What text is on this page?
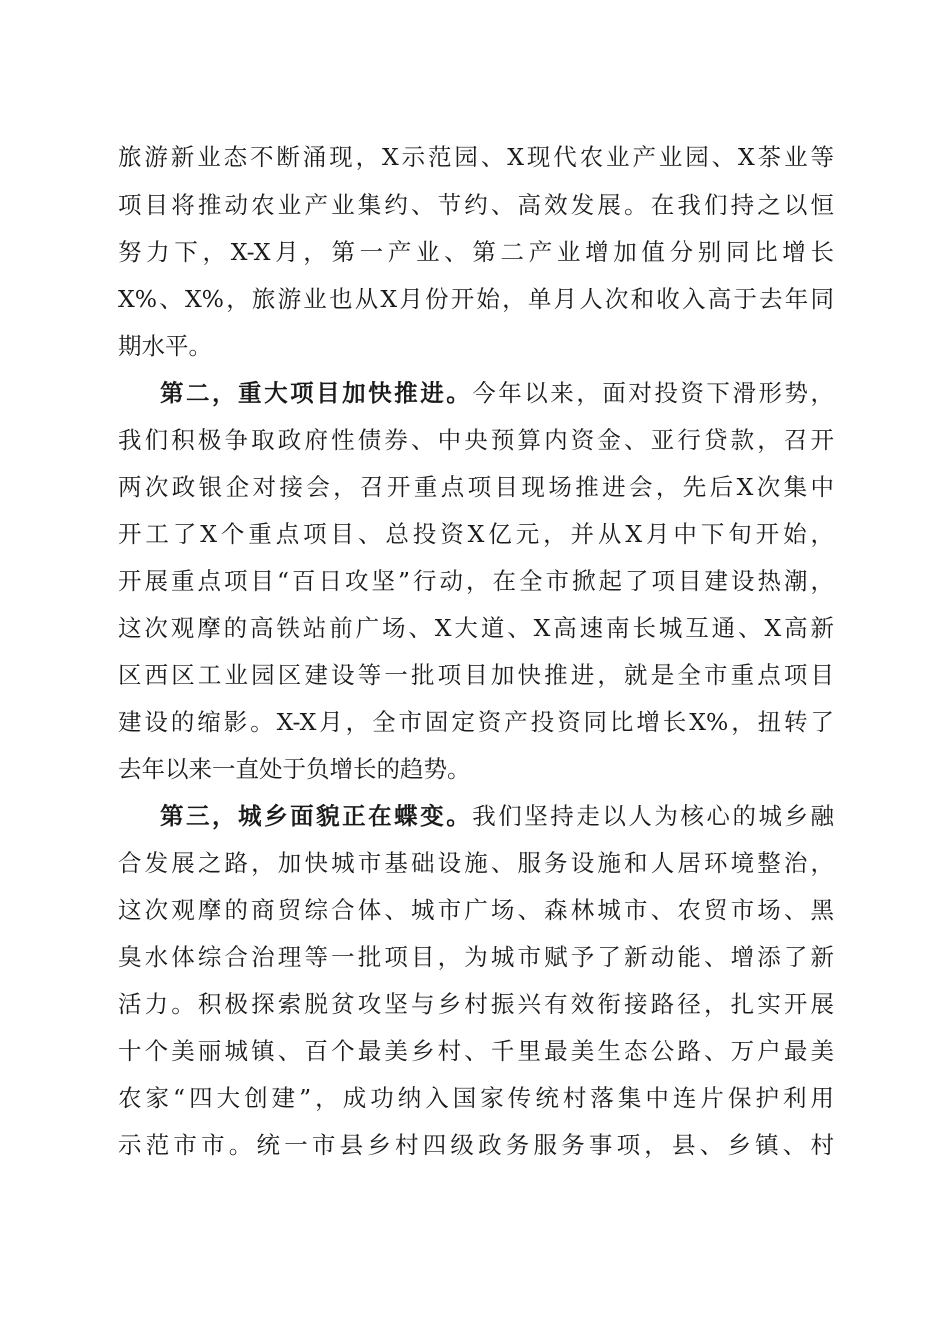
旅游新业态不断涌现，X示范园、X现代农业产业园、X茶业等
项目将推动农业产业集约、节约、高效发展。在我们持之以恒
努力下，X-X月，第一产业、第二产业增加值分别同比增长
X%、X%，旅游业也从X月份开始，单月人次和收入高于去年同
期水平。
第二，重大项目加快推进。今年以来，面对投资下滑形势，
我们积极争取政府性债券、中央预算内资金、亚行贷款，召开
两次政银企对接会，召开重点项目现场推进会，先后X次集中
开工了X个重点项目、总投资X亿元，并从X月中下旬开始，
开展重点项目“百日攻坚”行动，在全市掀起了项目建设热潮，
这次观摩的高铁站前广场、X大道、X高速南长城互通、X高新
区西区工业园区建设等一批项目加快推进，就是全市重点项目
建设的缩影。X-X月，全市固定资产投资同比增长X%，扭转了
去年以来一直处于负增长的趋势。
第三，城乡面貌正在蝶变。我们坚持走以人为核心的城乡融
合发展之路，加快城市基础设施、服务设施和人居环境整治，
这次观摩的商贸综合体、城市广场、森林城市、农贸市场、黑
臭水体综合治理等一批项目，为城市赋予了新动能、增添了新
活力。积极探索脱贫攻坚与乡村振兴有效衔接路径，扎实开展
十个美丽城镇、百个最美乡村、千里最美生态公路、万户最美
农家“四大创建”，成功纳入国家传统村落集中连片保护利用
示范市市。统一市县乡村四级政务服务事项，县、乡镇、村
